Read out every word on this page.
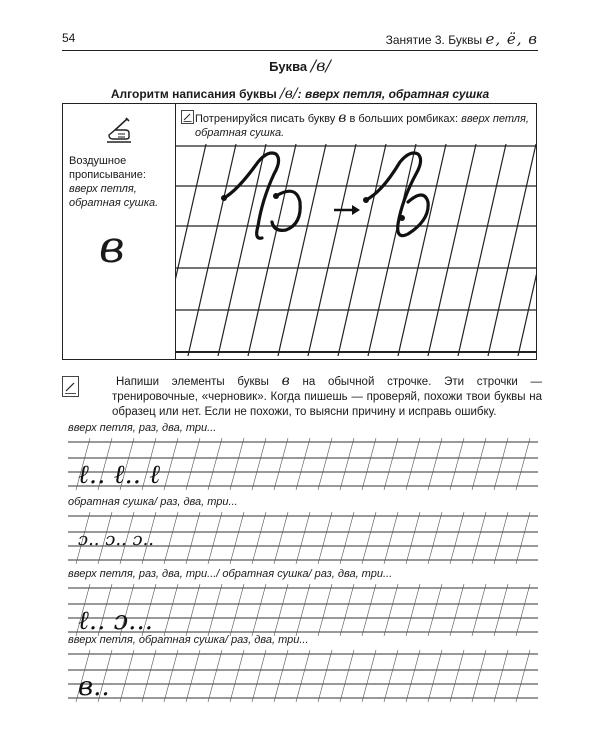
54	Занятие 3. Буквы е, ё, в
Буква /в/
Алгоритм написания буквы /в/: вверх петля, обратная сушка
Воздушное прописывание:
вверх петля,
обратная сушка.
в
Потренируйся писать букву в в больших ромбиках: вверх петля, обратная сушка.
Напиши элементы буквы в на обычной строчке. Эти строчки — тренировочные, «черновик». Когда пишешь — проверяй, похожи твои буквы на образец или нет. Если не похожи, то выясни причину и исправь ошибку.
вверх петля, раз, два, три...
ℓ.. ℓ.. ℓ
обратная сушка/ раз, два, три...
ɔ.. ɔ.. ɔ..
вверх петля, раз, два, три.../ обратная сушка/ раз, два, три...
ℓ.. ɔ...
вверх петля, обратная сушка/ раз, два, три...
в..
